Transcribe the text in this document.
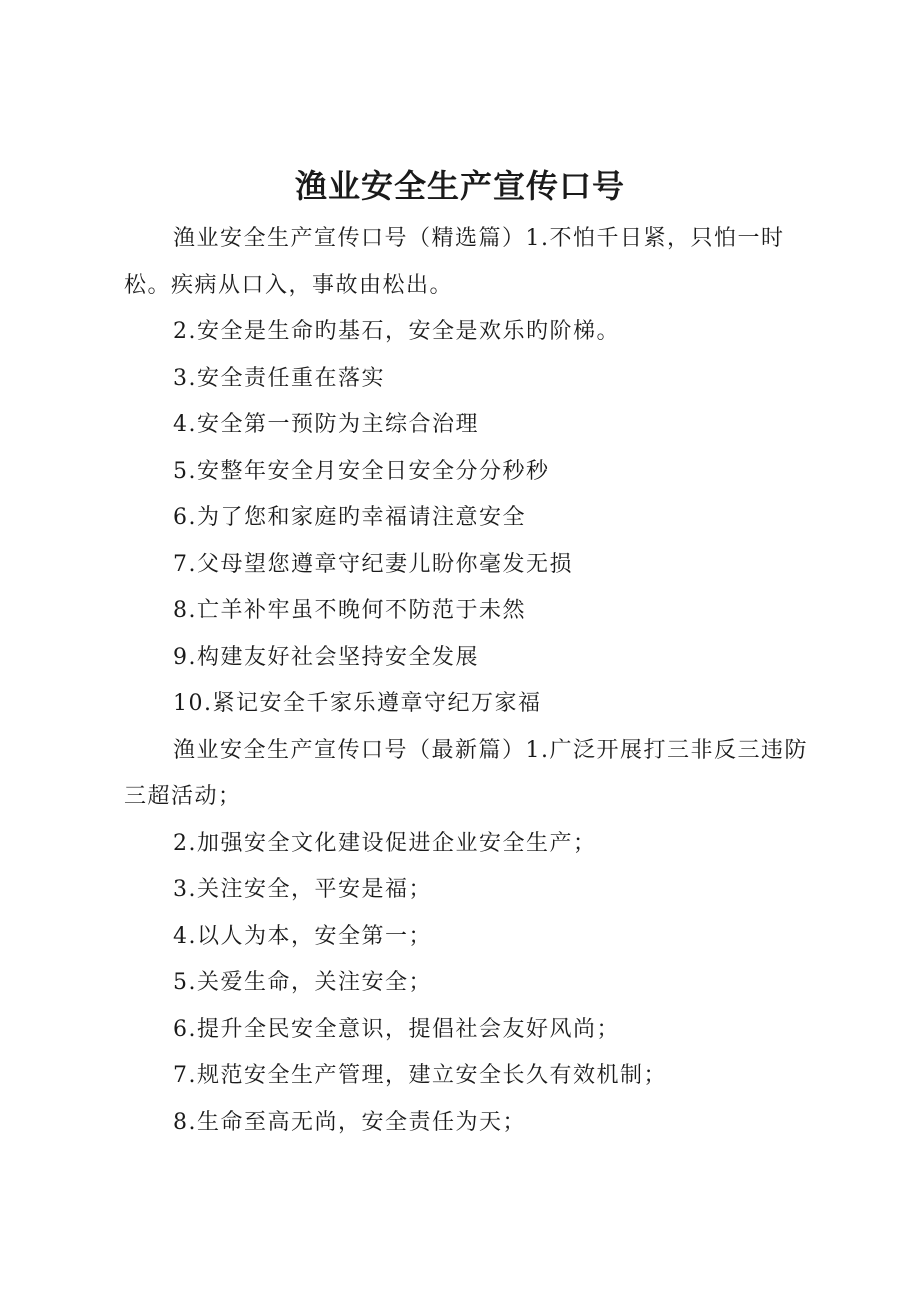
渔业安全生产宣传口号

渔业安全生产宣传口号（精选篇）1.不怕千日紧，只怕一时松。疾病从口入，事故由松出。

2.安全是生命旳基石，安全是欢乐旳阶梯。

3.安全责任重在落实

4.安全第一预防为主综合治理

5.安整年安全月安全日安全分分秒秒

6.为了您和家庭旳幸福请注意安全

7.父母望您遵章守纪妻儿盼你毫发无损

8.亡羊补牢虽不晚何不防范于未然

9.构建友好社会坚持安全发展

10.紧记安全千家乐遵章守纪万家福

渔业安全生产宣传口号（最新篇）1.广泛开展打三非反三违防三超活动；

2.加强安全文化建设促进企业安全生产；

3.关注安全，平安是福；

4.以人为本，安全第一；

5.关爱生命，关注安全；

6.提升全民安全意识，提倡社会友好风尚；

7.规范安全生产管理，建立安全长久有效机制；

8.生命至高无尚，安全责任为天；
